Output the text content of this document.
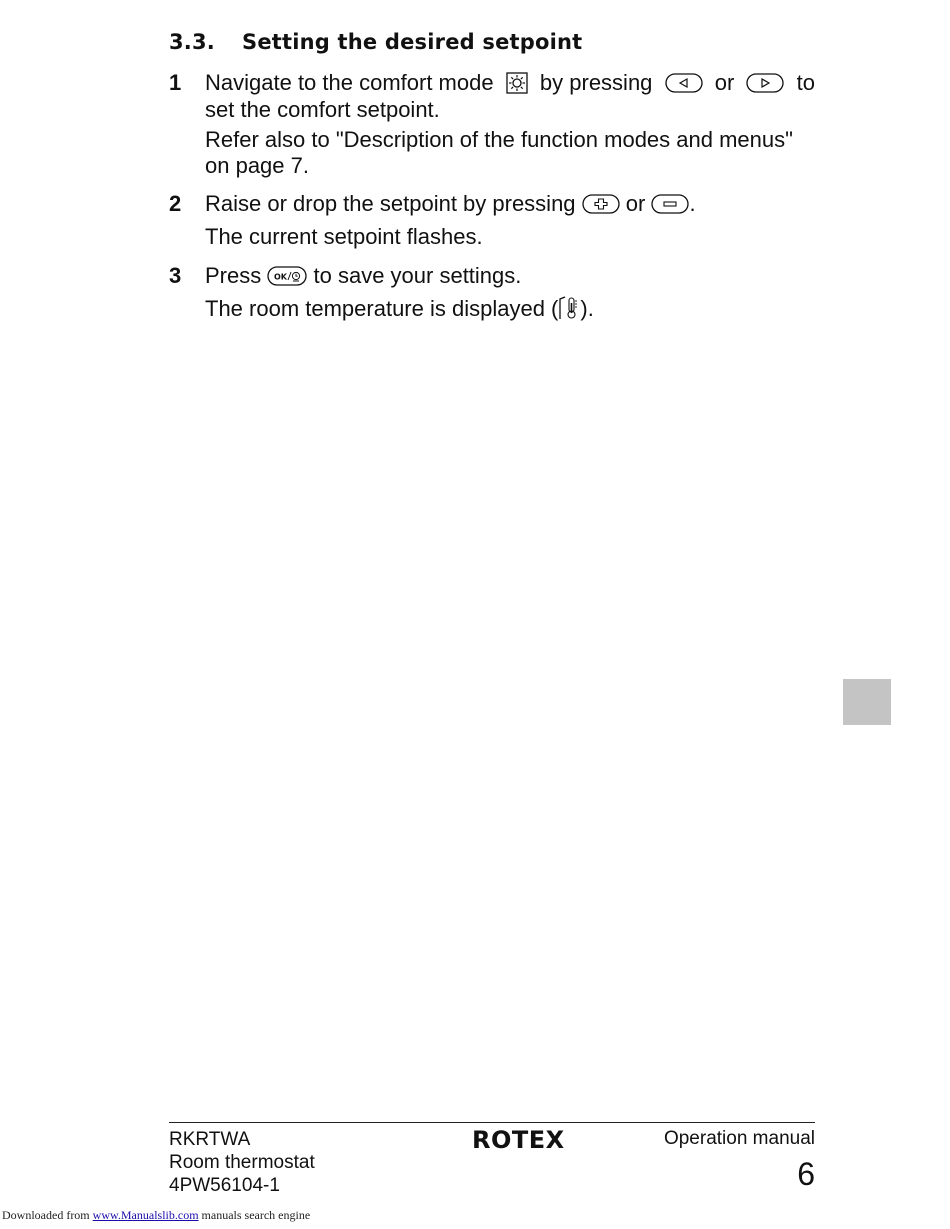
3.3. Setting the desired setpoint
1 Navigate to the comfort mode by pressing	or	to
set the comfort setpoint.
Refer also to "Description of the function modes and menus"
on page 7.
2 Raise or drop the setpoint by pressing or .
The current setpoint flashes.
3 Press OK to save your settings.
The room temperature is displayed ( ).
RKRTWA
Room thermostat
4PW56104-1
ROTEX	Operation manual
6
Downloaded from www.Manualslib.com manuals search engine
